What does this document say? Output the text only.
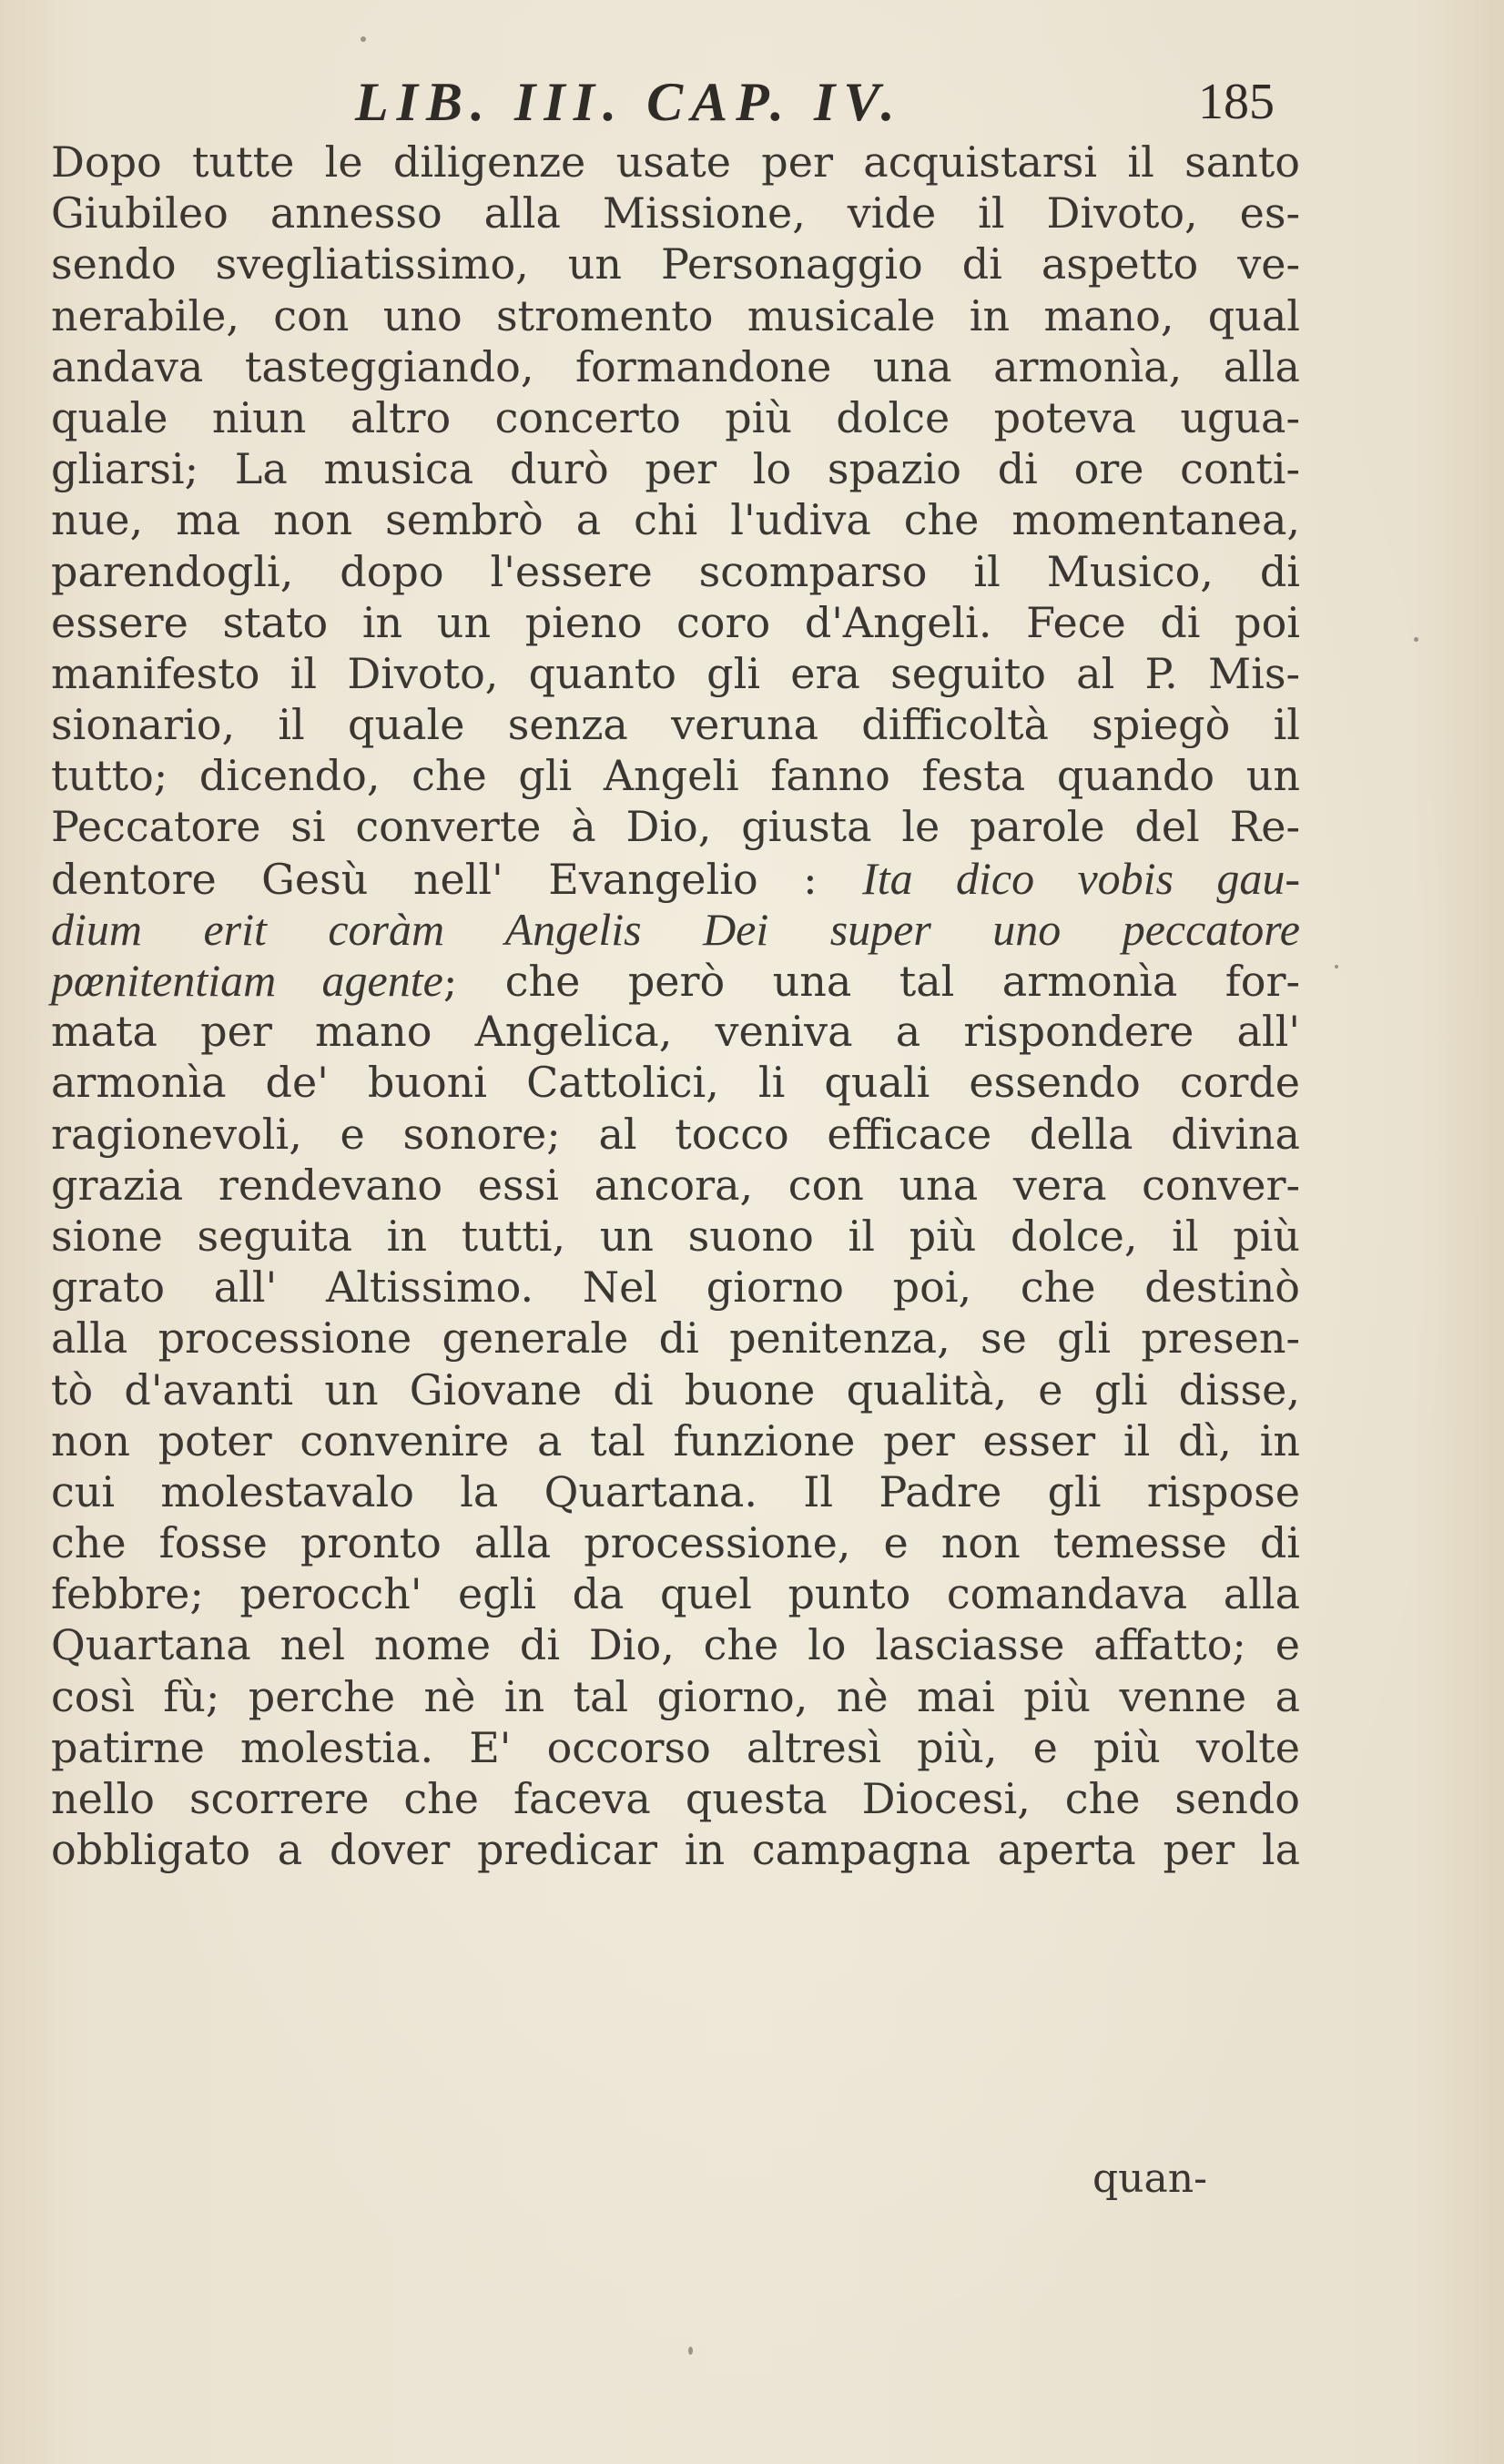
LIB. III. CAP. IV.	185
Dopo tutte le diligenze usate per acquistarsi il santo
Giubileo annesso alla Missione, vide il Divoto, es-
sendo svegliatissimo, un Personaggio di aspetto ve-
nerabile, con uno stromento musicale in mano, qual
andava tasteggiando, formandone una armonìa, alla
quale niun altro concerto più dolce poteva ugua-
gliarsi; La musica durò per lo spazio di ore conti-
nue, ma non sembrò a chi l'udiva che momentanea,
parendogli, dopo l'essere scomparso il Musico, di
essere stato in un pieno coro d'Angeli. Fece di poi
manifesto il Divoto, quanto gli era seguito al P. Mis-
sionario, il quale senza veruna difficoltà spiegò il
tutto; dicendo, che gli Angeli fanno festa quando un
Peccatore si converte à Dio, giusta le parole del Re-
dentore Gesù nell' Evangelio : Ita dico vobis gau-
dium erit coràm Angelis Dei super uno peccatore
pœnitentiam agente; che però una tal armonìa for-
mata per mano Angelica, veniva a rispondere all'
armonìa de' buoni Cattolici, li quali essendo corde
ragionevoli, e sonore; al tocco efficace della divina
grazia rendevano essi ancora, con una vera conver-
sione seguita in tutti, un suono il più dolce, il più
grato all' Altissimo. Nel giorno poi, che destinò
alla processione generale di penitenza, se gli presen-
tò d'avanti un Giovane di buone qualità, e gli disse,
non poter convenire a tal funzione per esser il dì, in
cui molestavalo la Quartana. Il Padre gli rispose
che fosse pronto alla processione, e non temesse di
febbre; perocch' egli da quel punto comandava alla
Quartana nel nome di Dio, che lo lasciasse affatto; e
così fù; perche nè in tal giorno, nè mai più venne a
patirne molestia. E' occorso altresì più, e più volte
nello scorrere che faceva questa Diocesi, che sendo
obbligato a dover predicar in campagna aperta per la
quan-
